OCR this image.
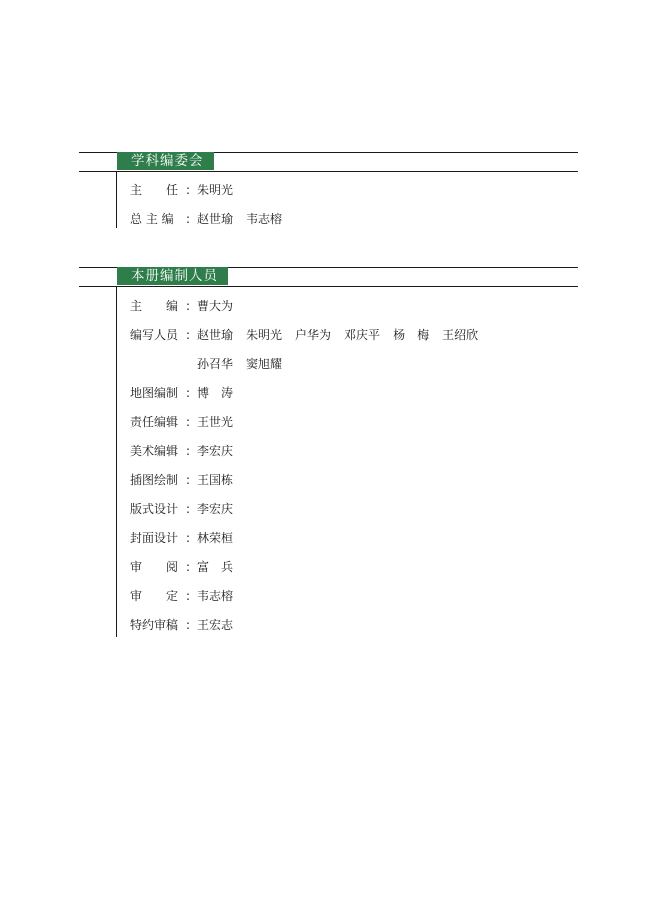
学科编委会
主　　任 : 朱明光
总 主 编	: 赵世瑜 韦志榕
本册编制人员
主　　编 : 曹大为
编写人员 : 赵世瑜 朱明光 户华为 邓庆平 杨　梅 王绍欣
孙召华 窦旭耀
地图编制 : 博　涛
责任编辑 : 王世光
美术编辑 : 李宏庆
插图绘制 : 王国栋
版式设计 : 李宏庆
封面设计 : 林荣桓
审　　阅 : 富　兵
审　　定 : 韦志榕
特约审稿 : 王宏志
